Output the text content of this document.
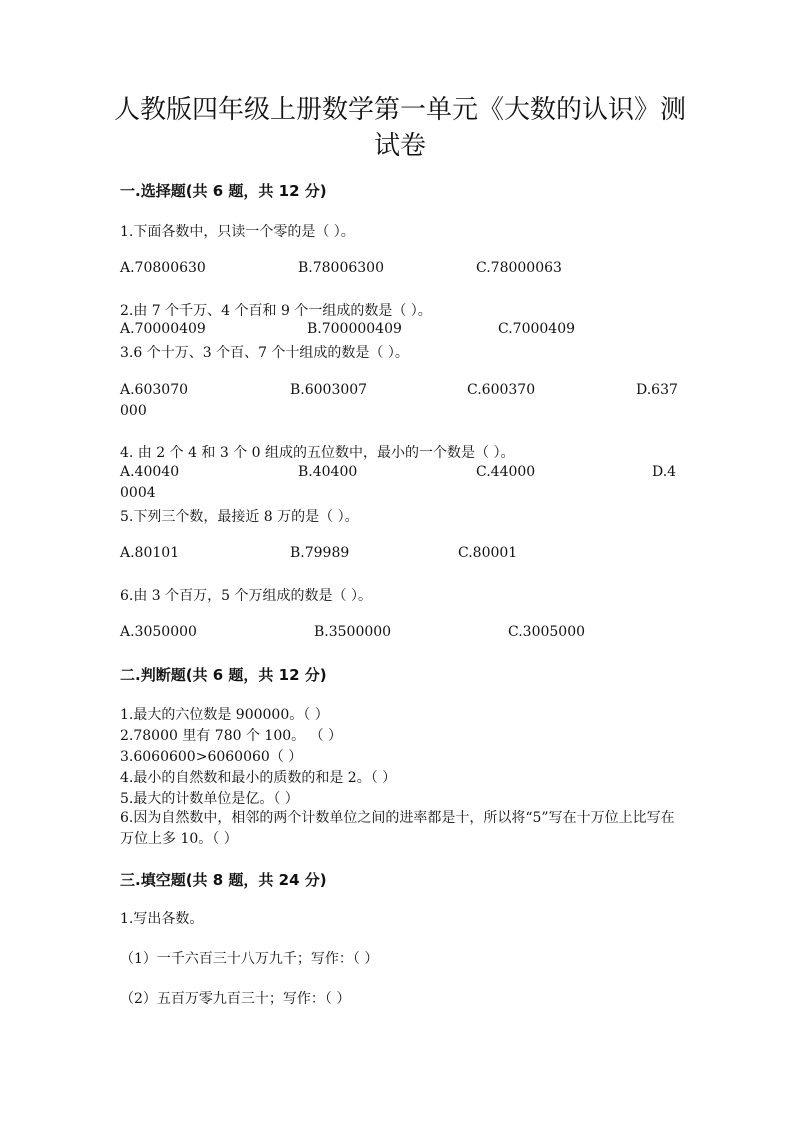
人教版四年级上册数学第一单元《大数的认识》测
试卷
一.选择题(共 6 题，共 12 分)
1.下面各数中，只读一个零的是（ ）。
A.70800630	B.78006300	C.78000063
2.由 7 个千万、4 个百和 9 个一组成的数是（ ）。
A.70000409	B.700000409	C.7000409
3.6 个十万、3 个百、7 个十组成的数是（ ）。
A.603070	B.6003007	C.600370	D.637
000
4. 由 2 个 4 和 3 个 0 组成的五位数中，最小的一个数是（ ）。
A.40040	B.40400	C.44000	D.4
0004
5.下列三个数，最接近 8 万的是（ ）。
A.80101	B.79989	C.80001
6.由 3 个百万，5 个万组成的数是（ ）。
A.3050000	B.3500000	C.3005000
二.判断题(共 6 题，共 12 分)
1.最大的六位数是 900000。（ ）
2.78000 里有 780 个 100。 （ ）
3.6060600>6060060（ ）
4.最小的自然数和最小的质数的和是 2。（ ）
5.最大的计数单位是亿。（ ）
6.因为自然数中，相邻的两个计数单位之间的进率都是十，所以将“5”写在十万位上比写在万位上多 10。（ ）
三.填空题(共 8 题，共 24 分)
1.写出各数。
（1）一千六百三十八万九千；写作：（ ）
（2）五百万零九百三十；写作：（ ）
